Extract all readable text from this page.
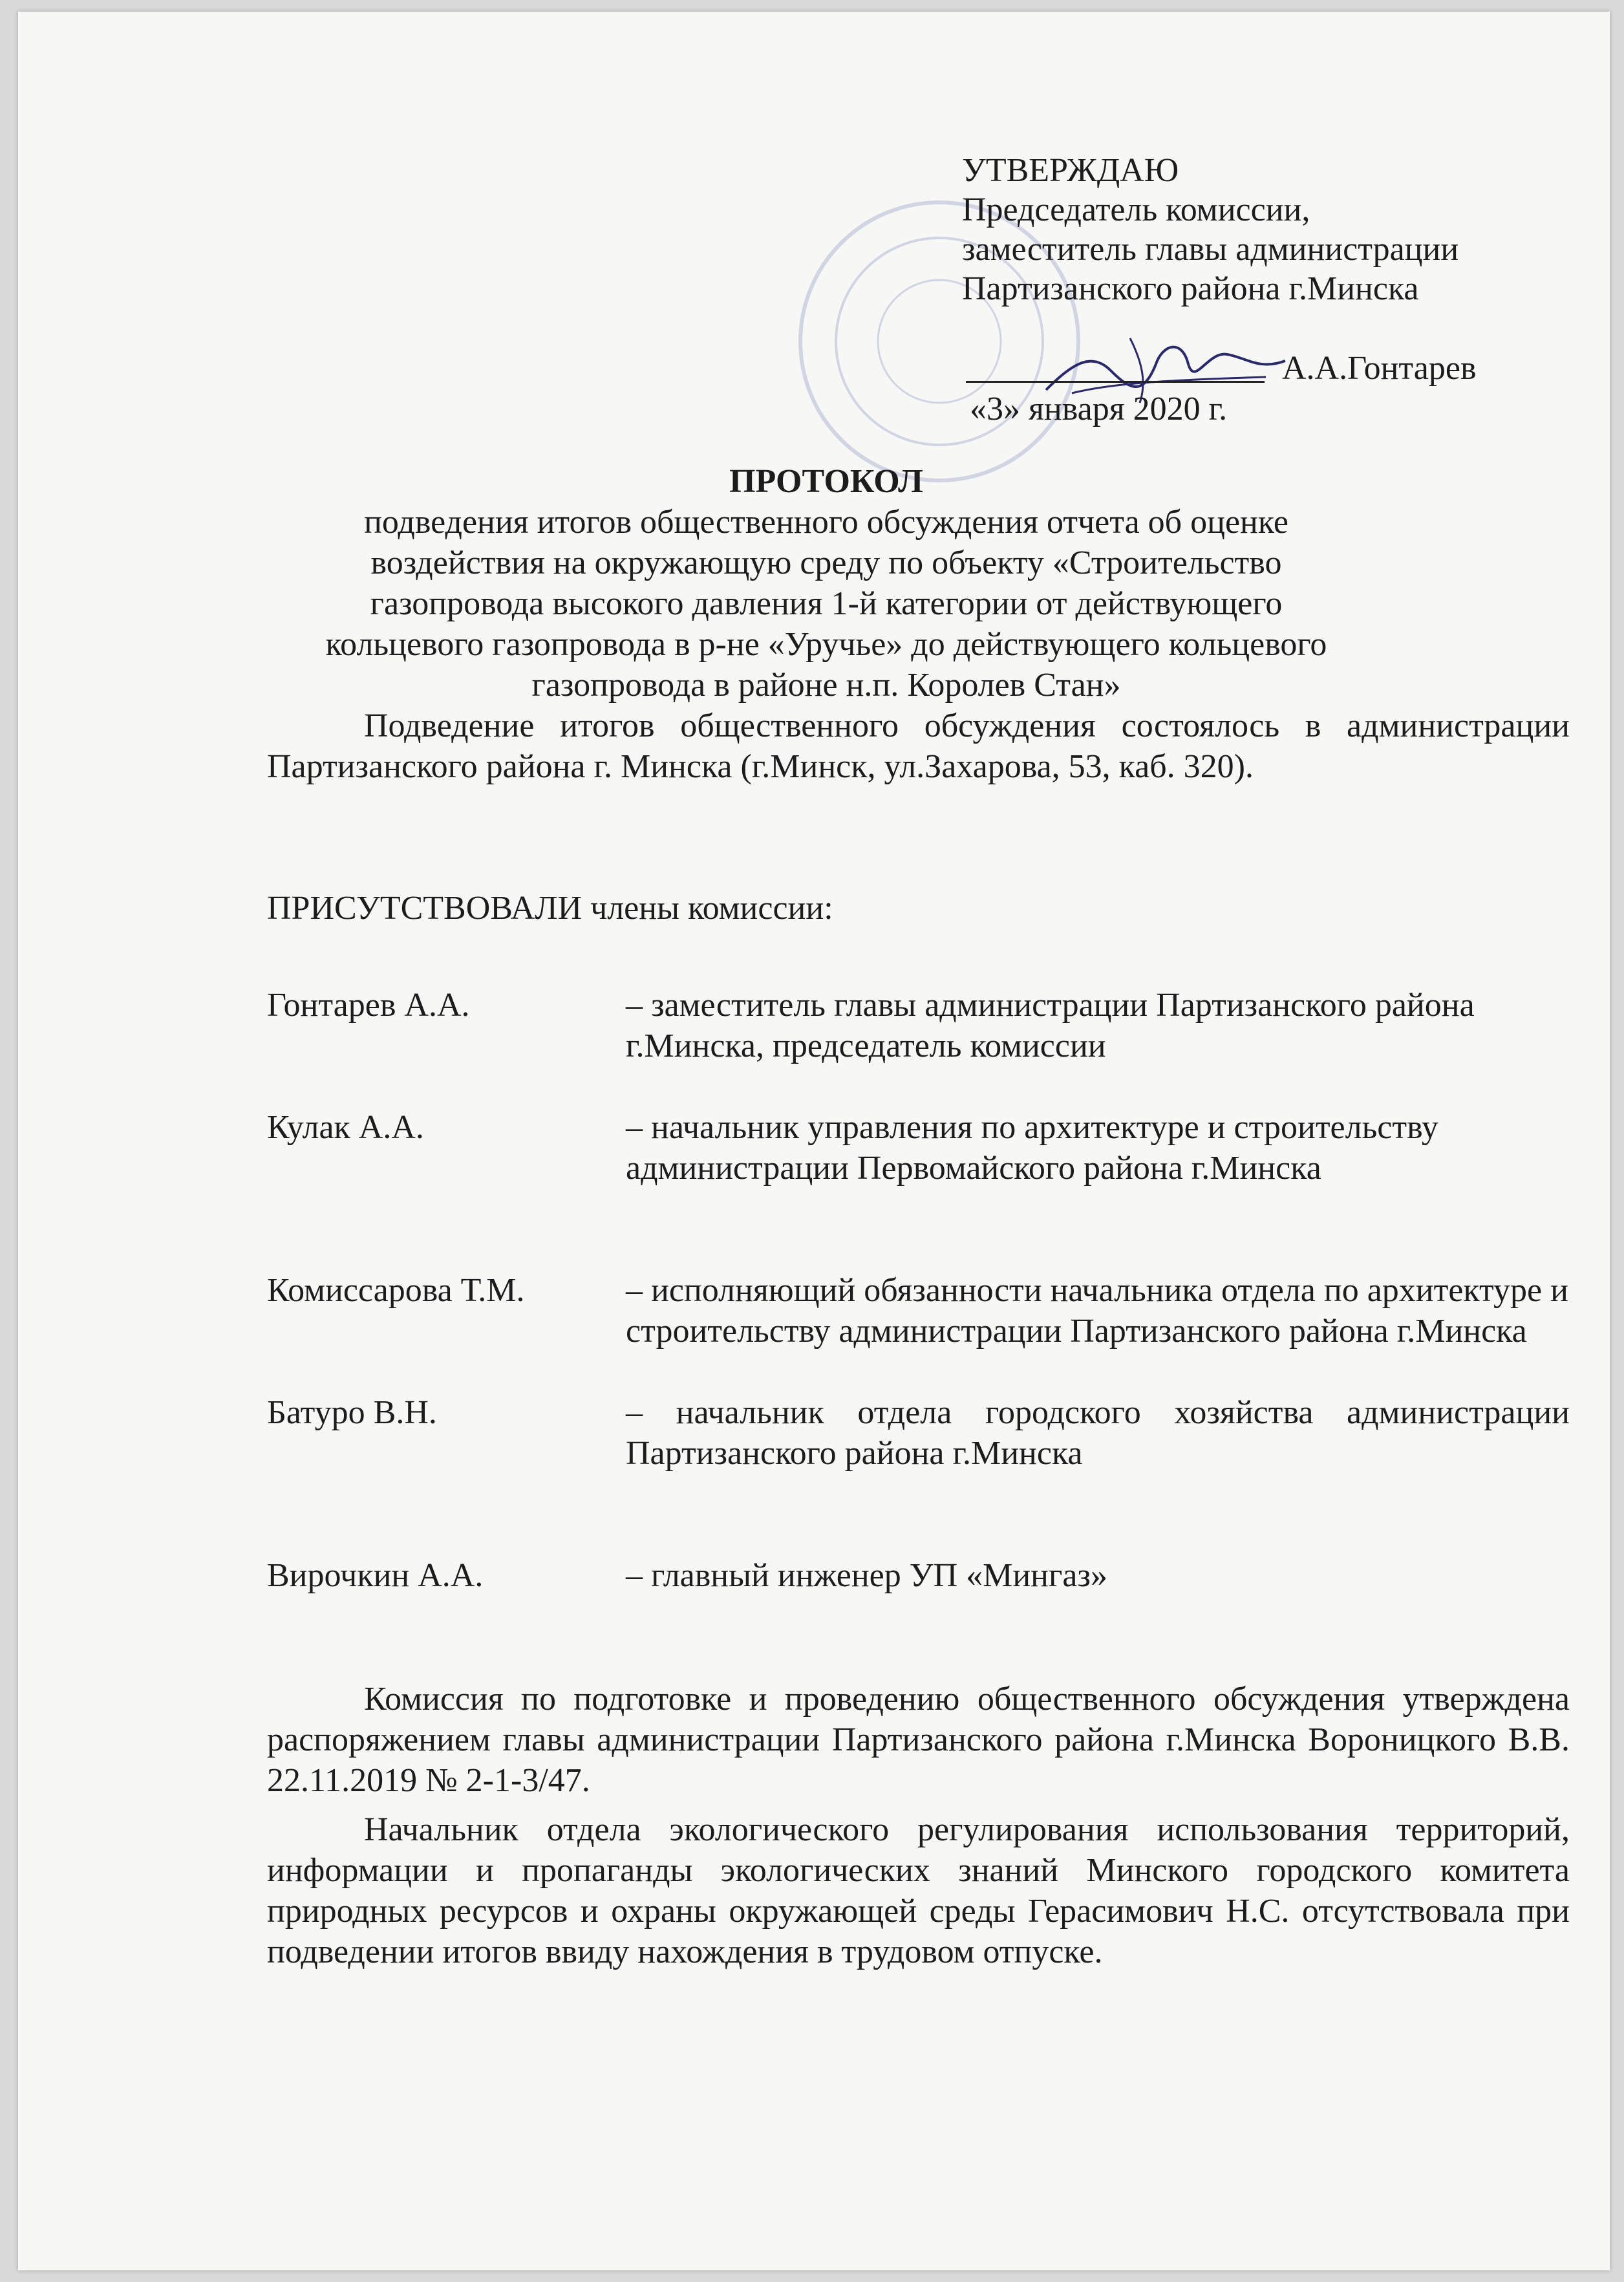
УТВЕРЖДАЮ
Председатель комиссии,
заместитель главы администрации
Партизанского района г.Минска
А.А.Гонтарев
«3» января 2020 г.
ПРОТОКОЛ
подведения итогов общественного обсуждения отчета об оценке
воздействия на окружающую среду по объекту «Строительство
газопровода высокого давления 1-й категории от действующего
кольцевого газопровода в р-не «Уручье» до действующего кольцевого
газопровода в районе н.п. Королев Стан»
Подведение итогов общественного обсуждения состоялось в администрации Партизанского района г. Минска (г.Минск, ул.Захарова, 53, каб. 320).
ПРИСУТСТВОВАЛИ члены комиссии:
Гонтарев А.А.	– заместитель главы администрации Партизанского района г.Минска, председатель комиссии
Кулак А.А.	– начальник управления по архитектуре и строительству администрации Первомайского района г.Минска
Комиссарова Т.М.	– исполняющий обязанности начальника отдела по архитектуре и строительству администрации Партизанского района г.Минска
Батуро В.Н.	– начальник отдела городского хозяйства администрации Партизанского района г.Минска
Вирочкин А.А.	– главный инженер УП «Мингаз»
Комиссия по подготовке и проведению общественного обсуждения утверждена распоряжением главы администрации Партизанского района г.Минска Вороницкого В.В. 22.11.2019 № 2-1-3/47.
Начальник отдела экологического регулирования использования территорий, информации и пропаганды экологических знаний Минского городского комитета природных ресурсов и охраны окружающей среды Герасимович Н.С. отсутствовала при подведении итогов ввиду нахождения в трудовом отпуске.
